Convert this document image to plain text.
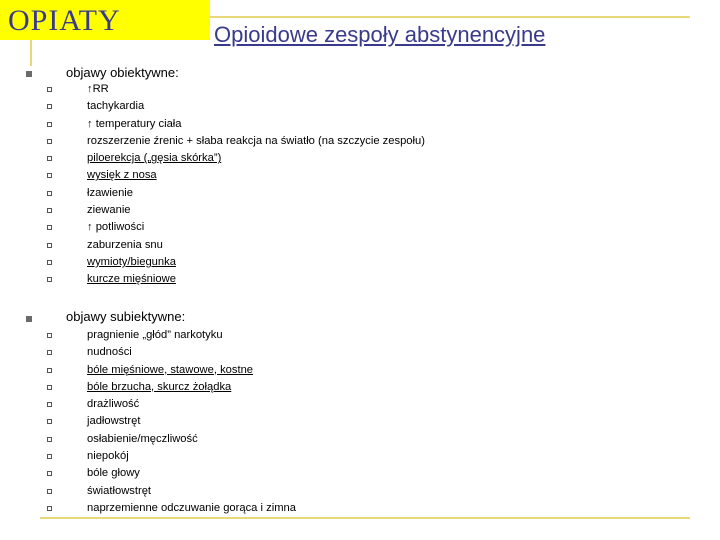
OPIATY	Opioidowe zespoły abstynencyjne
objawy obiektywne:
↑RR
tachykardia
↑ temperatury ciała
rozszerzenie źrenic + słaba reakcja na światło (na szczycie zespołu)
piloerekcja („gęsia skórka”)
wysięk z nosa
łzawienie
ziewanie
↑ potliwości
zaburzenia snu
wymioty/biegunka
kurcze mięśniowe
objawy subiektywne:
pragnienie „głód” narkotyku
nudności
bóle mięśniowe, stawowe, kostne
bóle brzucha, skurcz żołądka
drażliwość
jadłowstręt
osłabienie/męczliwość
niepokój
bóle głowy
światłowstręt
naprzemienne odczuwanie gorąca i zimna
